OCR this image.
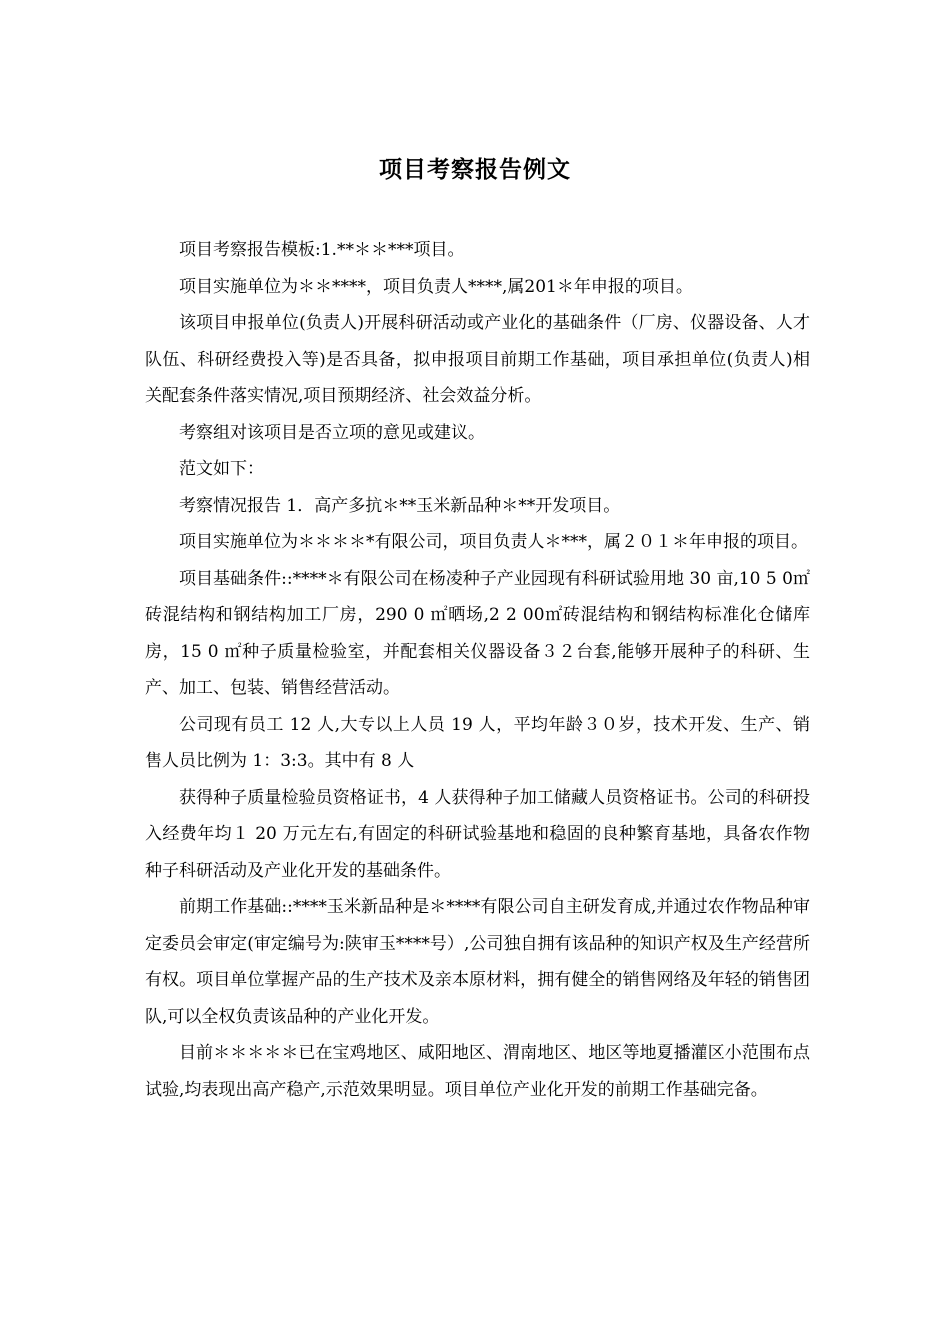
项目考察报告例文

项目考察报告模板:1.**＊＊***项目。

项目实施单位为＊＊****，项目负责人****,属201＊年申报的项目。

该项目申报单位(负责人)开展科研活动或产业化的基础条件（厂房、仪器设备、人才队伍、科研经费投入等)是否具备，拟申报项目前期工作基础，项目承担单位(负责人)相关配套条件落实情况,项目预期经济、社会效益分析。

考察组对该项目是否立项的意见或建议。

范文如下：

考察情况报告 1．高产多抗＊**玉米新品种＊**开发项目。

项目实施单位为＊＊＊＊*有限公司，项目负责人＊***，属２０１＊年申报的项目。

项目基础条件::****＊有限公司在杨凌种子产业园现有科研试验用地 30 亩,10 5 0㎡砖混结构和钢结构加工厂房，290 0 ㎡晒场,2 2 00㎡砖混结构和钢结构标准化仓储库房，15 0 ㎡种子质量检验室，并配套相关仪器设备３２台套,能够开展种子的科研、生产、加工、包装、销售经营活动。

公司现有员工 12 人,大专以上人员 19 人，平均年龄３０岁，技术开发、生产、销售人员比例为 1：3:3。其中有 8 人

获得种子质量检验员资格证书，4 人获得种子加工储藏人员资格证书。公司的科研投入经费年均１ 20 万元左右,有固定的科研试验基地和稳固的良种繁育基地，具备农作物种子科研活动及产业化开发的基础条件。

前期工作基础::****玉米新品种是＊****有限公司自主研发育成,并通过农作物品种审定委员会审定(审定编号为:陕审玉****号）,公司独自拥有该品种的知识产权及生产经营所有权。项目单位掌握产品的生产技术及亲本原材料，拥有健全的销售网络及年轻的销售团队,可以全权负责该品种的产业化开发。

目前＊＊＊＊＊已在宝鸡地区、咸阳地区、渭南地区、地区等地夏播灌区小范围布点试验,均表现出高产稳产,示范效果明显。项目单位产业化开发的前期工作基础完备。
